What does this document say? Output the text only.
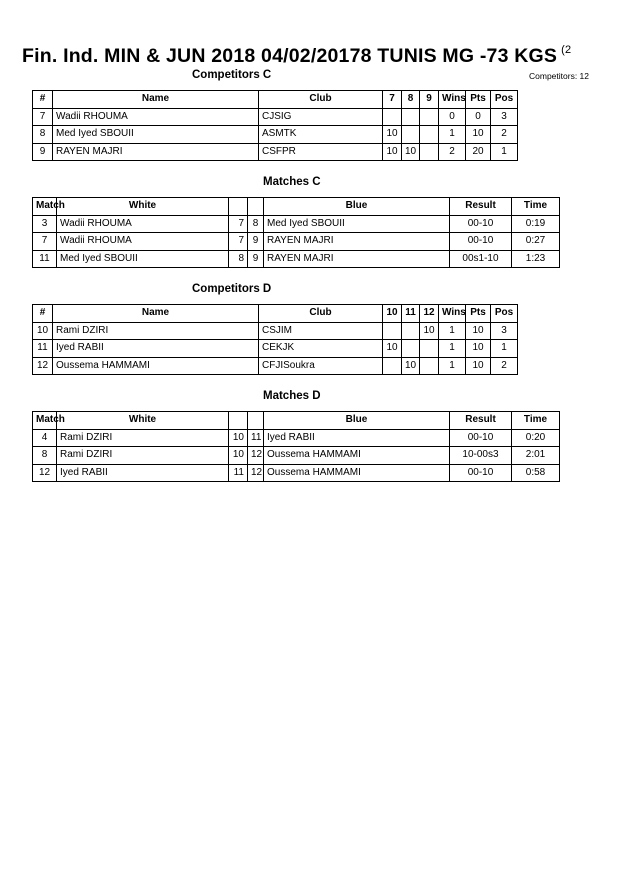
Fin. Ind. MIN & JUN 2018 04/02/20178 TUNIS MG -73 KGS $^{(2}$
Competitors: 12
Competitors C
#	Name	Club	7	8	9	Wins	Pts	Pos
7	Wadii RHOUMA	CJSIG				0	0	3
8	Med Iyed SBOUII	ASMTK	10			1	10	2
9	RAYEN MAJRI	CSFPR	10	10		2	20	1
Matches C
Match	White			Blue	Result	Time
3	Wadii RHOUMA	7	8	Med Iyed SBOUII	00-10	0:19
7	Wadii RHOUMA	7	9	RAYEN MAJRI	00-10	0:27
11	Med Iyed SBOUII	8	9	RAYEN MAJRI	00s1-10	1:23
Competitors D
#	Name	Club	10	11	12	Wins	Pts	Pos
10	Rami DZIRI	CSJIM			10	1	10	3
11	Iyed RABII	CEKJK	10			1	10	1
12	Oussema HAMMAMI	CFJISoukra		10		1	10	2
Matches D
Match	White			Blue	Result	Time
4	Rami DZIRI	10	11	Iyed RABII	00-10	0:20
8	Rami DZIRI	10	12	Oussema HAMMAMI	10-00s3	2:01
12	Iyed RABII	11	12	Oussema HAMMAMI	00-10	0:58
